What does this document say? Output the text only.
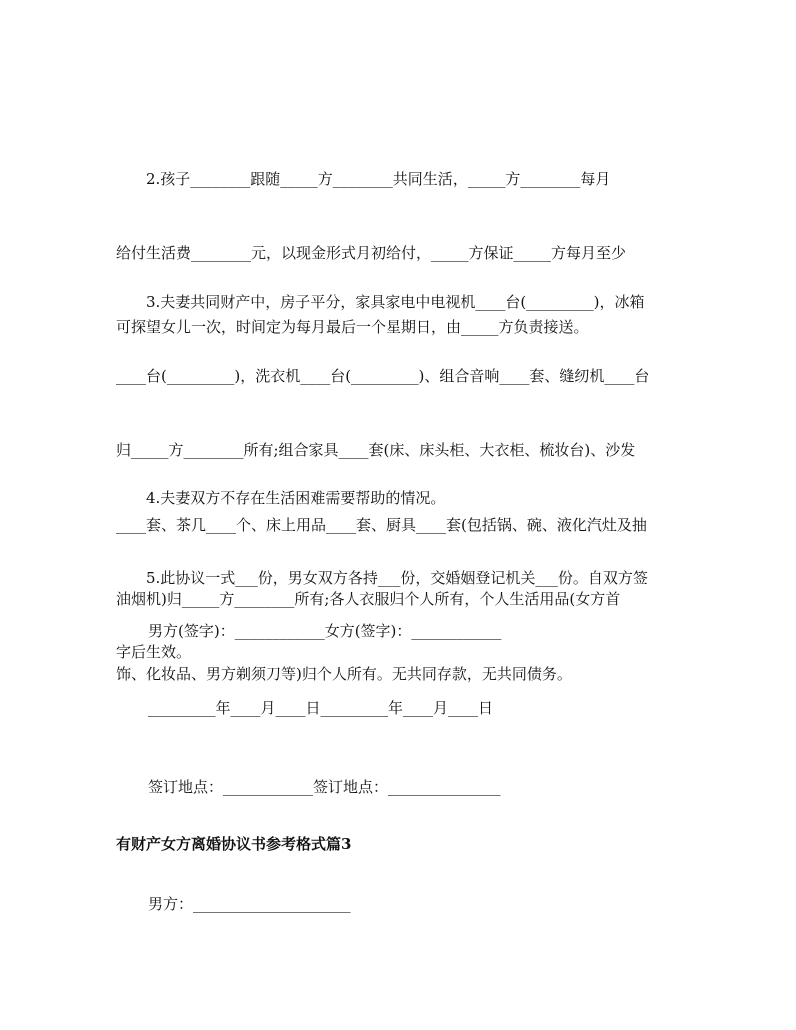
2.孩子________跟随_____方________共同生活，_____方________每月

给付生活费________元，以现金形式月初给付，_____方保证_____方每月至少

可探望女儿一次，时间定为每月最后一个星期日，由_____方负责接送。

3.夫妻共同财产中，房子平分，家具家电中电视机____台(_________)，冰箱

____台(_________)，洗衣机____台(_________)、组合音响____套、缝纫机____台

归_____方________所有;组合家具____套(床、床头柜、大衣柜、梳妆台)、沙发

____套、茶几____个、床上用品____套、厨具____套(包括锅、碗、液化汽灶及抽

油烟机)归_____方________所有;各人衣服归个人所有，个人生活用品(女方首

饰、化妆品、男方剃须刀等)归个人所有。无共同存款，无共同债务。

4.夫妻双方不存在生活困难需要帮助的情况。

5.此协议一式___份，男女双方各持___份，交婚姻登记机关___份。自双方签

字后生效。

男方(签字)：____________女方(签字)：____________

_________年____月____日_________年____月____日

签订地点：____________签订地点：_______________

有财产女方离婚协议书参考格式篇3

男方：_____________________
